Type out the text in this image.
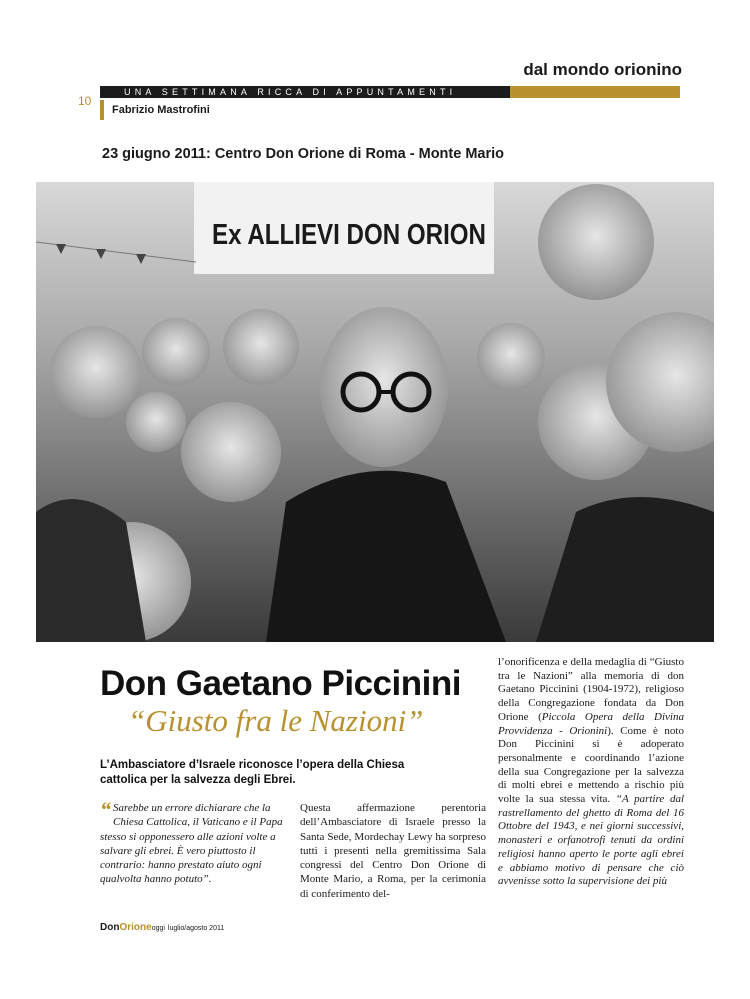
dal mondo orionino
UNA SETTIMANA RICCA DI APPUNTAMENTI
10
Fabrizio Mastrofini
23 giugno 2011: Centro Don Orione di Roma - Monte Mario
Ex ALLIEVI DON ORION
Don Gaetano Piccinini
“Giusto fra le Nazioni”
L’Ambasciatore d’Israele riconosce l’opera della Chiesa cattolica per la salvezza degli Ebrei.
“ Sarebbe un errore dichiarare che la Chiesa Cattolica, il Vaticano e il Papa stesso si opponessero alle azioni volte a salvare gli ebrei. È vero piuttosto il contrario: hanno prestato aiuto ogni qualvolta hanno potuto”.
Questa affermazione perentoria dell’Ambasciatore di Israele presso la Santa Sede, Mordechay Lewy ha sorpreso tutti i presenti nella gremitissima Sala congressi del Centro Don Orione di Monte Mario, a Roma, per la cerimonia di conferimento del-
l’onorificenza e della medaglia di “Giusto tra le Nazioni” alla memoria di don Gaetano Piccinini (1904-1972), religioso della Congregazione fondata da Don Orione (Piccola Opera della Divina Provvidenza - Orionini). Come è noto Don Piccinini si è adoperato personalmente e coordinando l’azione della sua Congregazione per la salvezza di molti ebrei e mettendo a rischio più volte la sua stessa vita. “A partire dal rastrellamento del ghetto di Roma del 16 Ottobre del 1943, e nei giorni successivi, monasteri e orfanotrofi tenuti da ordini religiosi hanno aperto le porte agli ebrei e abbiamo motivo di pensare che ciò avvenisse sotto la supervisione dei più
DonOrioneoggi luglio/agosto 2011
